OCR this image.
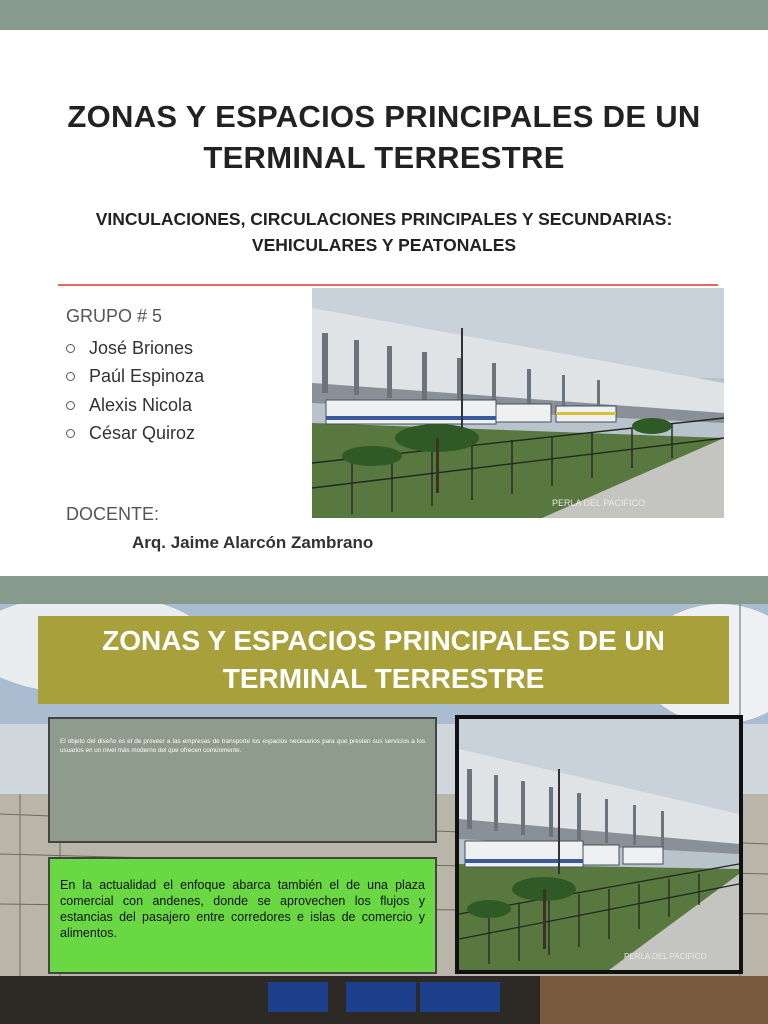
ZONAS Y ESPACIOS PRINCIPALES DE UN TERMINAL TERRESTRE
VINCULACIONES, CIRCULACIONES PRINCIPALES Y SECUNDARIAS: VEHICULARES Y PEATONALES
GRUPO # 5
José Briones
Paúl Espinoza
Alexis Nicola
César Quiroz
DOCENTE:
Arq. Jaime Alarcón Zambrano
PERLA DEL PACIFICO
ZONAS Y ESPACIOS PRINCIPALES DE UN TERMINAL TERRESTRE

El objeto del diseño es el de proveer a las empresas de transporte los espacios necesarios para que presten sus servicios a los usuarios en un nivel más moderno del que ofrecen comúnmente.

En la actualidad el enfoque abarca también el de una plaza comercial con andenes, donde se aprovechen los flujos y estancias del pasajero entre corredores e islas de comercio y alimentos.

PERLA DEL PACIFICO
